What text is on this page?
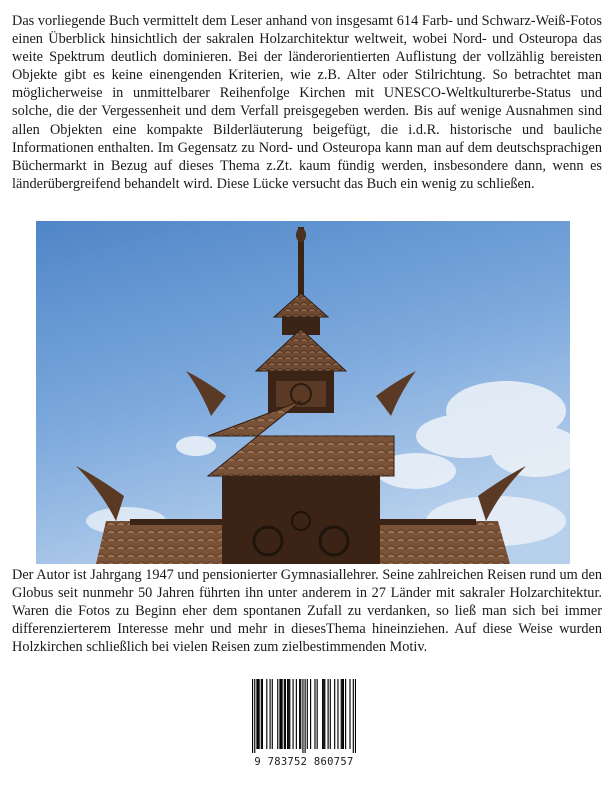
Das vorliegende Buch vermittelt dem Leser anhand von insgesamt 614 Farb- und Schwarz-Weiß-Fotos einen Überblick hinsichtlich der sakralen Holzarchitektur weltweit, wobei Nord- und Osteuropa das weite Spektrum deutlich dominieren. Bei der länderorientierten Auflistung der vollzählig bereisten Objekte gibt es keine einengenden Kriterien, wie z.B. Alter oder Stilrichtung. So betrachtet man möglicherweise in unmittelbarer Reihenfolge Kirchen mit UNESCO-Weltkulturerbe-Status und solche, die der Vergessenheit und dem Verfall preisgegeben werden. Bis auf wenige Ausnahmen sind allen Objekten eine kompakte Bilderläuterung beigefügt, die i.d.R. historische und bauliche Informationen enthalten. Im Gegensatz zu Nord- und Osteuropa kann man auf dem deutschsprachigen Büchermarkt in Bezug auf dieses Thema z.Zt. kaum fündig werden, insbesondere dann, wenn es länderübergreifend behandelt wird. Diese Lücke versucht das Buch ein wenig zu schließen.

Der Autor ist Jahrgang 1947 und pensionierter Gymnasiallehrer. Seine zahlreichen Reisen rund um den Globus seit nunmehr 50 Jahren führten ihn unter anderem in 27 Länder mit sakraler Holzarchitektur. Waren die Fotos zu Beginn eher dem spontanen Zufall zu verdanken, so ließ man sich bei immer differenzierterem Interesse mehr und mehr in diesesThema hineinziehen. Auf diese Weise wurden Holzkirchen schließlich bei vielen Reisen zum zielbestimmenden Motiv.

9 783752 860757
